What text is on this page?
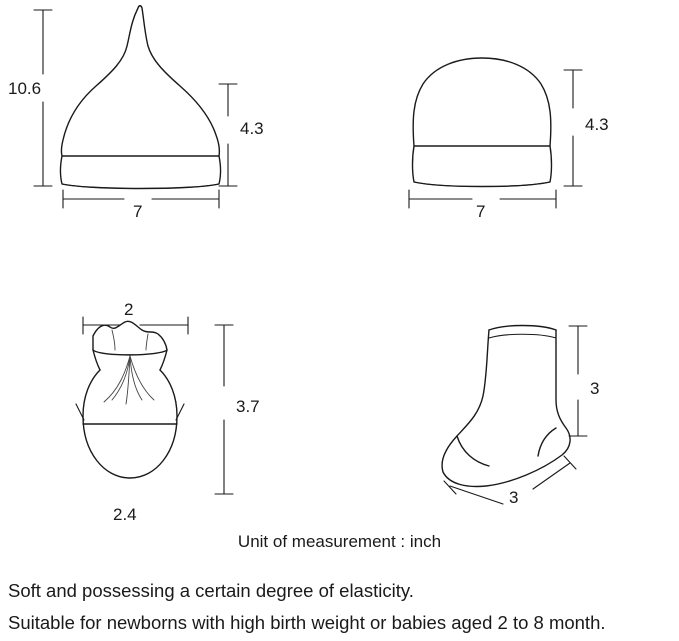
10.6
4.3
7
4.3
7
2
3.7
2.4
3
3
Unit of measurement : inch
Soft and possessing a certain degree of elasticity.
Suitable for newborns with high birth weight or babies aged 2 to 8 month.
